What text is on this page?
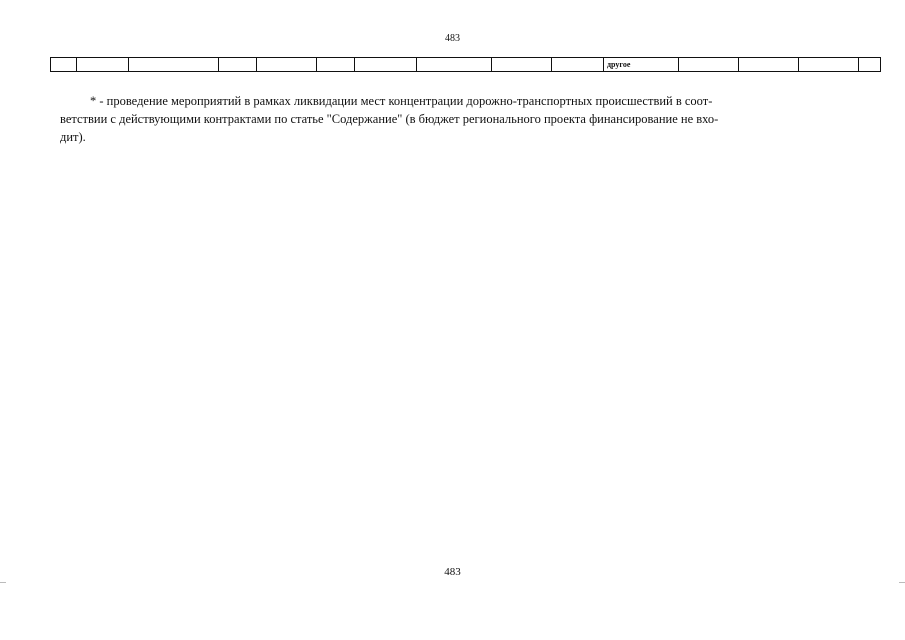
483
другое
* - проведение мероприятий в рамках ликвидации мест концентрации дорожно-транспортных происшествий в соот-
ветствии с действующими контрактами по статье "Содержание" (в бюджет регионального проекта финансирование не вхо-
дит).
483
